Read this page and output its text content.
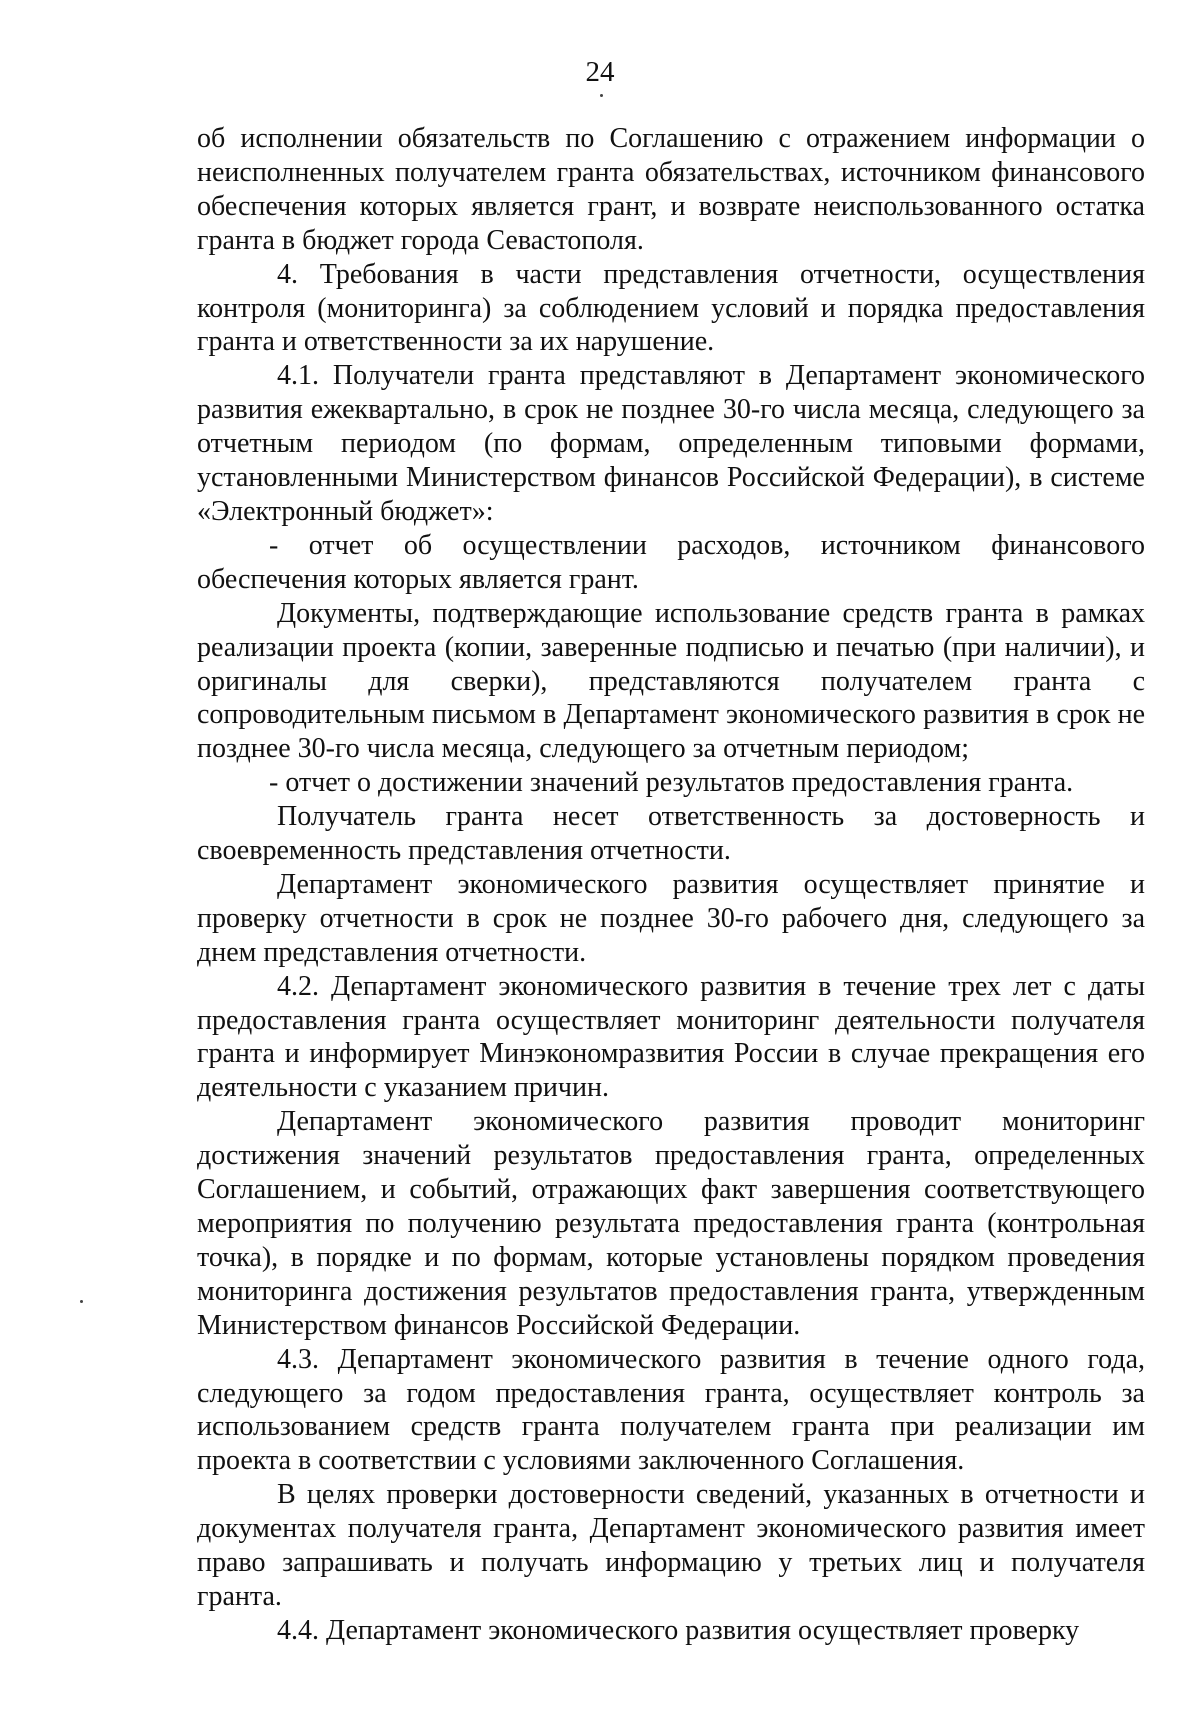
24

об исполнении обязательств по Соглашению с отражением информации о неисполненных получателем гранта обязательствах, источником финансового обеспечения которых является грант, и возврате неиспользованного остатка гранта в бюджет города Севастополя.

4. Требования в части представления отчетности, осуществления контроля (мониторинга) за соблюдением условий и порядка предоставления гранта и ответственности за их нарушение.

4.1. Получатели гранта представляют в Департамент экономического развития ежеквартально, в срок не позднее 30-го числа месяца, следующего за отчетным периодом (по формам, определенным типовыми формами, установленными Министерством финансов Российской Федерации), в системе «Электронный бюджет»:

- отчет об осуществлении расходов, источником финансового обеспечения которых является грант.

Документы, подтверждающие использование средств гранта в рамках реализации проекта (копии, заверенные подписью и печатью (при наличии), и оригиналы для сверки), представляются получателем гранта с сопроводительным письмом в Департамент экономического развития в срок не позднее 30-го числа месяца, следующего за отчетным периодом;

- отчет о достижении значений результатов предоставления гранта.

Получатель гранта несет ответственность за достоверность и своевременность представления отчетности.

Департамент экономического развития осуществляет принятие и проверку отчетности в срок не позднее 30-го рабочего дня, следующего за днем представления отчетности.

4.2. Департамент экономического развития в течение трех лет с даты предоставления гранта осуществляет мониторинг деятельности получателя гранта и информирует Минэкономразвития России в случае прекращения его деятельности с указанием причин.

Департамент экономического развития проводит мониторинг достижения значений результатов предоставления гранта, определенных Соглашением, и событий, отражающих факт завершения соответствующего мероприятия по получению результата предоставления гранта (контрольная точка), в порядке и по формам, которые установлены порядком проведения мониторинга достижения результатов предоставления гранта, утвержденным Министерством финансов Российской Федерации.

4.3. Департамент экономического развития в течение одного года, следующего за годом предоставления гранта, осуществляет контроль за использованием средств гранта получателем гранта при реализации им проекта в соответствии с условиями заключенного Соглашения.

В целях проверки достоверности сведений, указанных в отчетности и документах получателя гранта, Департамент экономического развития имеет право запрашивать и получать информацию у третьих лиц и получателя гранта.

4.4. Департамент экономического развития осуществляет проверку
